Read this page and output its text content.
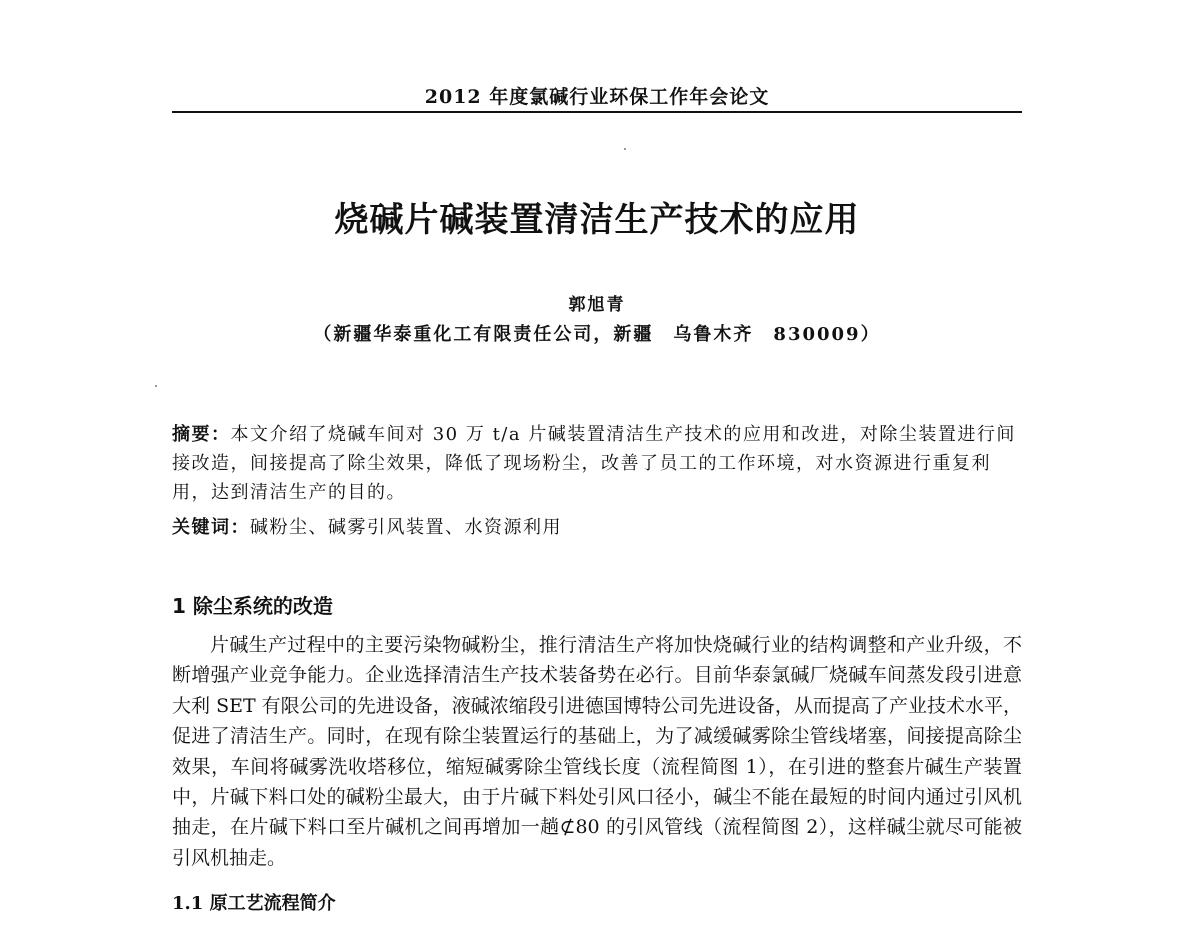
2012 年度氯碱行业环保工作年会论文
烧碱片碱装置清洁生产技术的应用
郭旭青
（新疆华泰重化工有限责任公司，新疆　乌鲁木齐　830009）
摘要：本文介绍了烧碱车间对 30 万 t/a 片碱装置清洁生产技术的应用和改进，对除尘装置进行间接改造，间接提高了除尘效果，降低了现场粉尘，改善了员工的工作环境，对水资源进行重复利用，达到清洁生产的目的。
关键词：碱粉尘、碱雾引风装置、水资源利用
1 除尘系统的改造
片碱生产过程中的主要污染物碱粉尘，推行清洁生产将加快烧碱行业的结构调整和产业升级，不断增强产业竞争能力。企业选择清洁生产技术装备势在必行。目前华泰氯碱厂烧碱车间蒸发段引进意大利 SET 有限公司的先进设备，液碱浓缩段引进德国博特公司先进设备，从而提高了产业技术水平，促进了清洁生产。同时，在现有除尘装置运行的基础上，为了减缓碱雾除尘管线堵塞，间接提高除尘效果，车间将碱雾洗收塔移位，缩短碱雾除尘管线长度（流程简图 1），在引进的整套片碱生产装置中，片碱下料口处的碱粉尘最大，由于片碱下料处引风口径小，碱尘不能在最短的时间内通过引风机抽走，在片碱下料口至片碱机之间再增加一趟⊄80 的引风管线（流程简图 2），这样碱尘就尽可能被引风机抽走。
1.1 原工艺流程简介
